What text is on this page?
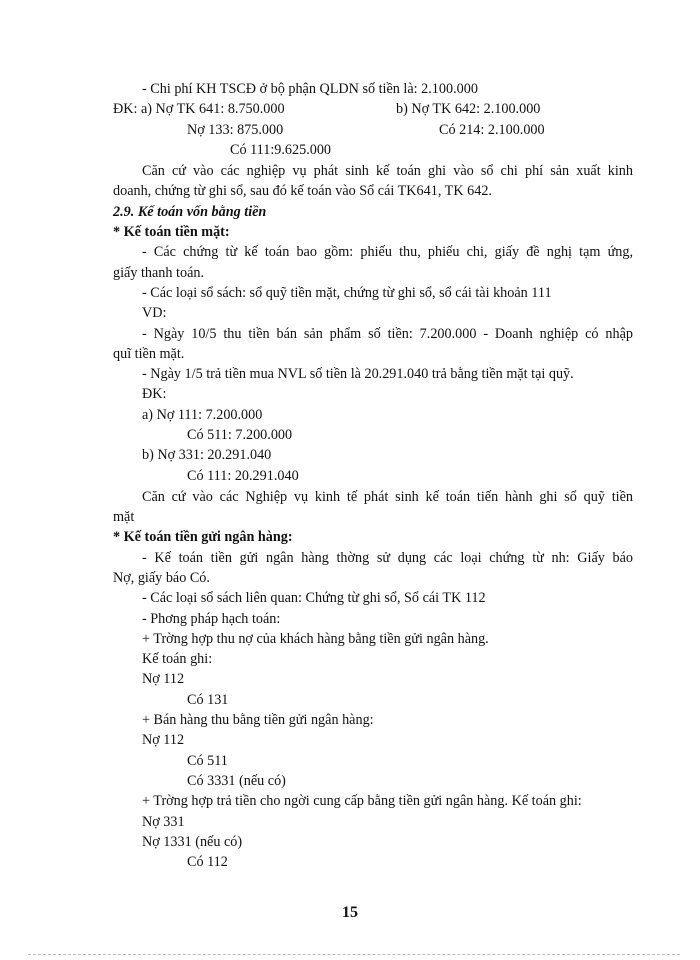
- Chi phí KH TSCĐ ở bộ phận QLDN số tiền là: 2.100.000
ĐK: a) Nợ TK 641: 8.750.000	b) Nợ TK 642: 2.100.000
Nợ 133: 875.000	Có 214: 2.100.000
Có 111:9.625.000
Căn cứ vào các nghiệp vụ phát sinh kế toán ghi vào sổ chi phí sản xuất kinh
doanh, chứng từ ghi sổ, sau đó kế toán vào Sổ cái TK641, TK 642.
2.9. Kế toán vốn bằng tiền
* Kế toán tiền mặt:
- Các chứng từ kế toán bao gồm: phiếu thu, phiếu chi, giấy đề nghị tạm ứng,
giấy thanh toán.
- Các loại sổ sách: sổ quỹ tiền mặt, chứng từ ghi sổ, sổ cái tài khoản 111
VD:
- Ngày 10/5 thu tiền bán sản phẩm số tiền: 7.200.000 - Doanh nghiệp có nhập
quĩ tiền mặt.
- Ngày 1/5 trả tiền mua NVL số tiền là 20.291.040 trả bằng tiền mặt tại quỹ.
ĐK:
a) Nợ 111: 7.200.000
Có 511: 7.200.000
b) Nợ 331: 20.291.040
Có 111: 20.291.040
Căn cứ vào các Nghiệp vụ kinh tế phát sinh kế toán tiến hành ghi sổ quỹ tiền
mặt
* Kế toán tiền gửi ngân hàng:
- Kế toán tiền gửi ngân hàng thờng sử dụng các loại chứng từ nh: Giấy báo
Nợ, giấy báo Có.
- Các loại sổ sách liên quan: Chứng từ ghi sổ, Sổ cái TK 112
- Phơng pháp hạch toán:
+ Trờng hợp thu nợ của khách hàng bằng tiền gửi ngân hàng.
Kế toán ghi:
Nợ 112
Có 131
+ Bán hàng thu bằng tiền gửi ngân hàng:
Nợ 112
Có 511
Có 3331 (nếu có)
+ Trờng hợp trả tiền cho ngời cung cấp bằng tiền gửi ngân hàng. Kế toán ghi:
Nợ 331
Nợ 1331 (nếu có)
Có 112
15
